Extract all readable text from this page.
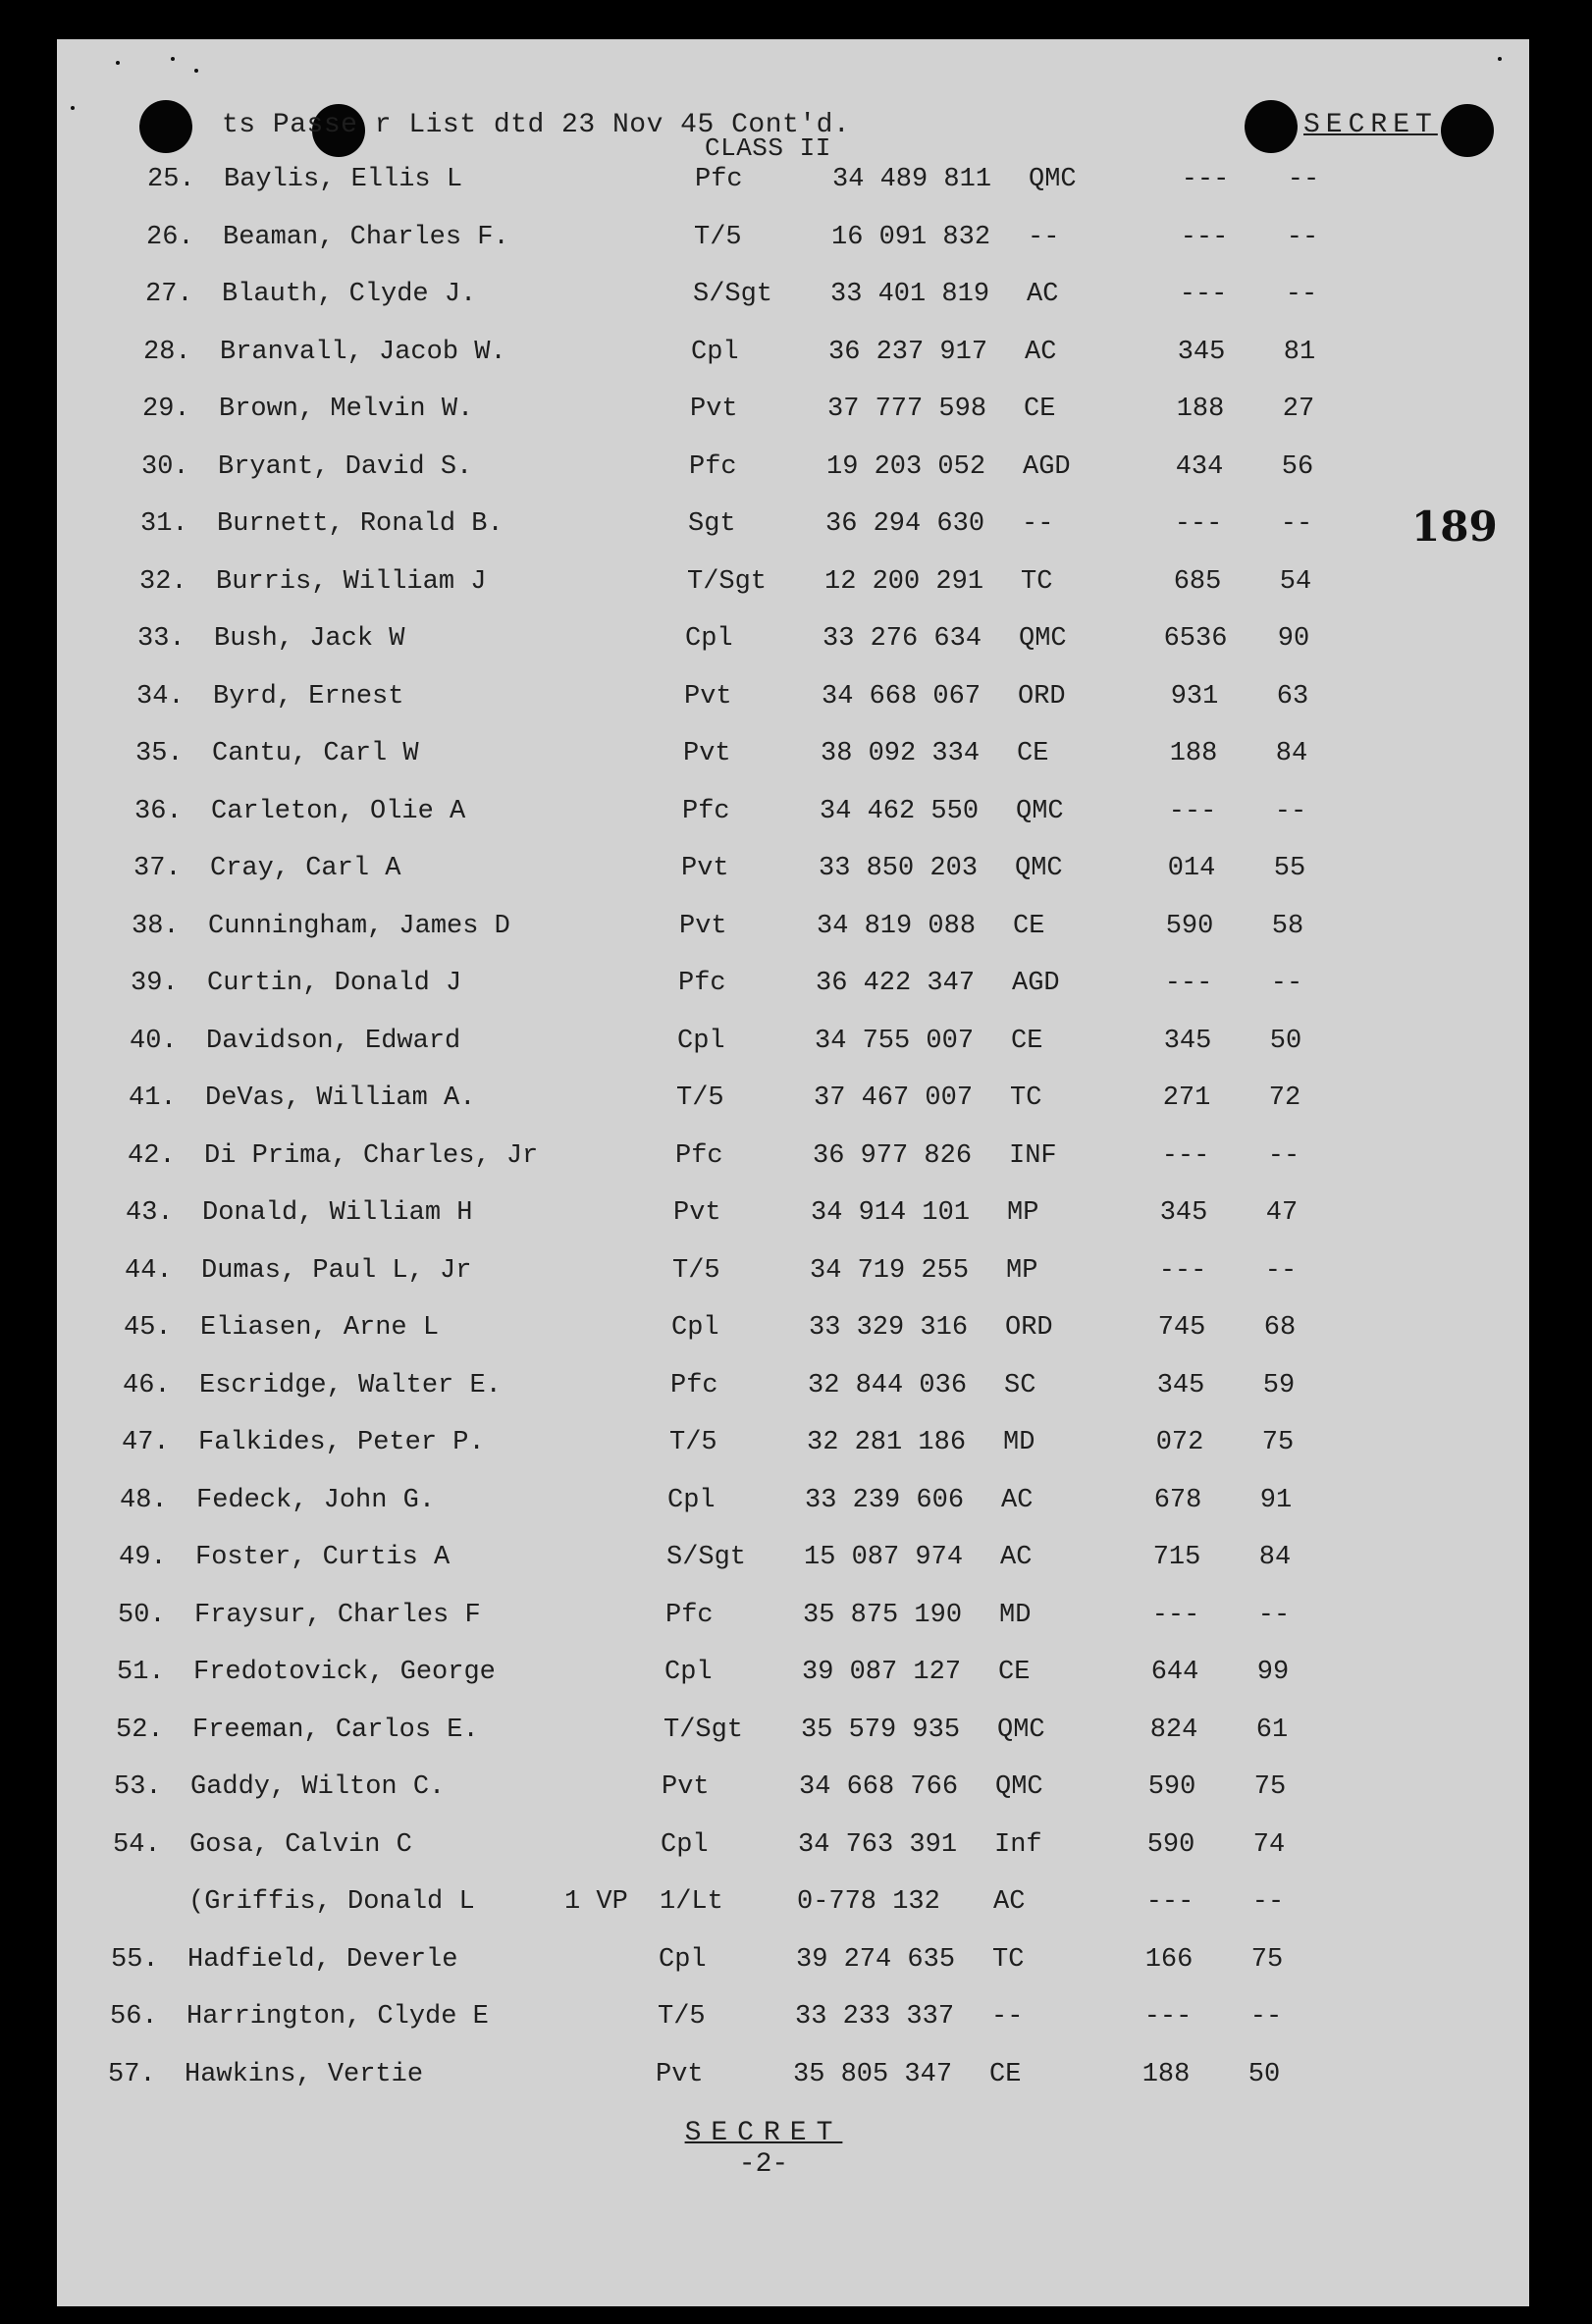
ts Passe r List dtd 23 Nov 45 Cont'd.
CLASS II
SECRET
189
25.	Baylis, Ellis L	Pfc	34 489 811	QMC	---	--
26.	Beaman, Charles F.	T/5	16 091 832	--	---	--
27.	Blauth, Clyde J.	S/Sgt	33 401 819	AC	---	--
28.	Branvall, Jacob W.	Cpl	36 237 917	AC	345	81
29.	Brown, Melvin W.	Pvt	37 777 598	CE	188	27
30.	Bryant, David S.	Pfc	19 203 052	AGD	434	56
31.	Burnett, Ronald B.	Sgt	36 294 630	--	---	--
32.	Burris, William J	T/Sgt	12 200 291	TC	685	54
33.	Bush, Jack W	Cpl	33 276 634	QMC	6536	90
34.	Byrd, Ernest	Pvt	34 668 067	ORD	931	63
35.	Cantu, Carl W	Pvt	38 092 334	CE	188	84
36.	Carleton, Olie A	Pfc	34 462 550	QMC	---	--
37.	Cray, Carl A	Pvt	33 850 203	QMC	014	55
38.	Cunningham, James D	Pvt	34 819 088	CE	590	58
39.	Curtin, Donald J	Pfc	36 422 347	AGD	---	--
40.	Davidson, Edward	Cpl	34 755 007	CE	345	50
41.	DeVas, William A.	T/5	37 467 007	TC	271	72
42.	Di Prima, Charles, Jr	Pfc	36 977 826	INF	---	--
43.	Donald, William H	Pvt	34 914 101	MP	345	47
44.	Dumas, Paul L, Jr	T/5	34 719 255	MP	---	--
45.	Eliasen, Arne L	Cpl	33 329 316	ORD	745	68
46.	Escridge, Walter E.	Pfc	32 844 036	SC	345	59
47.	Falkides, Peter P.	T/5	32 281 186	MD	072	75
48.	Fedeck, John G.	Cpl	33 239 606	AC	678	91
49.	Foster, Curtis A	S/Sgt	15 087 974	AC	715	84
50.	Fraysur, Charles F	Pfc	35 875 190	MD	---	--
51.	Fredotovick, George	Cpl	39 087 127	CE	644	99
52.	Freeman, Carlos E.	T/Sgt	35 579 935	QMC	824	61
53.	Gaddy, Wilton C.	Pvt	34 668 766	QMC	590	75
54.	Gosa, Calvin C	Cpl	34 763 391	Inf	590	74
(Griffis, Donald L	1 VP	1/Lt	0-778 132	AC	---	--
55.	Hadfield, Deverle	Cpl	39 274 635	TC	166	75
56.	Harrington, Clyde E	T/5	33 233 337	--	---	--
57.	Hawkins, Vertie	Pvt	35 805 347	CE	188	50
SECRET
-2-
